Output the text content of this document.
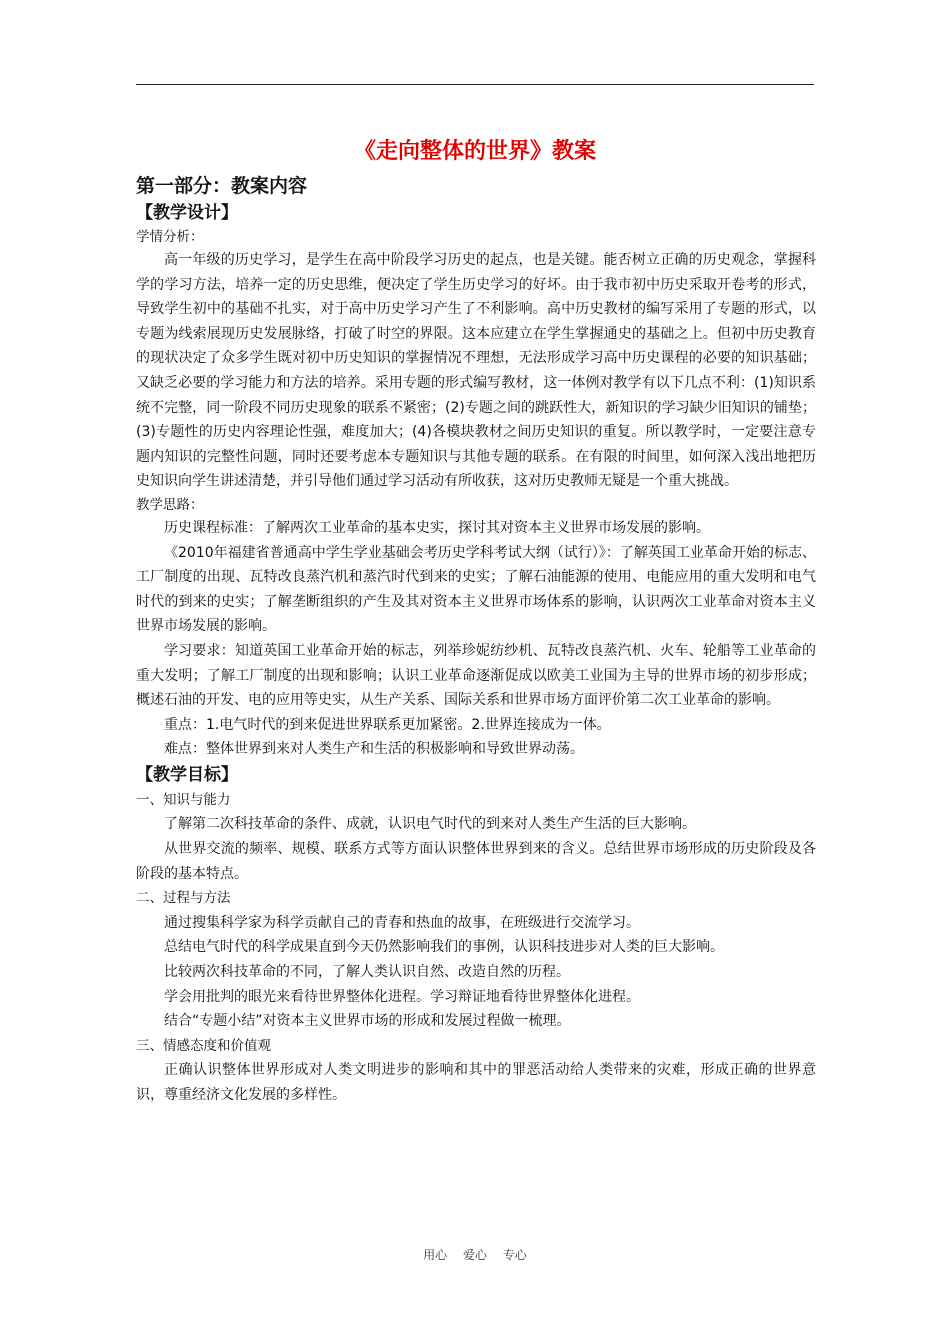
《走向整体的世界》教案

第一部分：教案内容

【教学设计】

学情分析：

高一年级的历史学习，是学生在高中阶段学习历史的起点，也是关键。能否树立正确的历史观念，掌握科学的学习方法，培养一定的历史思维，便决定了学生历史学习的好坏。由于我市初中历史采取开卷考的形式，导致学生初中的基础不扎实，对于高中历史学习产生了不利影响。高中历史教材的编写采用了专题的形式，以专题为线索展现历史发展脉络，打破了时空的界限。这本应建立在学生掌握通史的基础之上。但初中历史教育的现状决定了众多学生既对初中历史知识的掌握情况不理想，无法形成学习高中历史课程的必要的知识基础；又缺乏必要的学习能力和方法的培养。采用专题的形式编写教材，这一体例对教学有以下几点不利：(1)知识系统不完整，同一阶段不同历史现象的联系不紧密；(2)专题之间的跳跃性大，新知识的学习缺少旧知识的铺垫；(3)专题性的历史内容理论性强，难度加大；(4)各模块教材之间历史知识的重复。所以教学时，一定要注意专题内知识的完整性问题，同时还要考虑本专题知识与其他专题的联系。在有限的时间里，如何深入浅出地把历史知识向学生讲述清楚，并引导他们通过学习活动有所收获，这对历史教师无疑是一个重大挑战。

教学思路：

历史课程标准：了解两次工业革命的基本史实，探讨其对资本主义世界市场发展的影响。

《2010年福建省普通高中学生学业基础会考历史学科考试大纲（试行）》：了解英国工业革命开始的标志、工厂制度的出现、瓦特改良蒸汽机和蒸汽时代到来的史实；了解石油能源的使用、电能应用的重大发明和电气时代的到来的史实；了解垄断组织的产生及其对资本主义世界市场体系的影响，认识两次工业革命对资本主义世界市场发展的影响。

学习要求：知道英国工业革命开始的标志，列举珍妮纺纱机、瓦特改良蒸汽机、火车、轮船等工业革命的重大发明；了解工厂制度的出现和影响；认识工业革命逐渐促成以欧美工业国为主导的世界市场的初步形成；概述石油的开发、电的应用等史实，从生产关系、国际关系和世界市场方面评价第二次工业革命的影响。

重点：1.电气时代的到来促进世界联系更加紧密。2.世界连接成为一体。

难点：整体世界到来对人类生产和生活的积极影响和导致世界动荡。

【教学目标】

一、知识与能力

了解第二次科技革命的条件、成就，认识电气时代的到来对人类生产生活的巨大影响。

从世界交流的频率、规模、联系方式等方面认识整体世界到来的含义。总结世界市场形成的历史阶段及各阶段的基本特点。

二、过程与方法

通过搜集科学家为科学贡献自己的青春和热血的故事，在班级进行交流学习。

总结电气时代的科学成果直到今天仍然影响我们的事例，认识科技进步对人类的巨大影响。

比较两次科技革命的不同，了解人类认识自然、改造自然的历程。

学会用批判的眼光来看待世界整体化进程。学习辩证地看待世界整体化进程。

结合“专题小结”对资本主义世界市场的形成和发展过程做一梳理。

三、情感态度和价值观

正确认识整体世界形成对人类文明进步的影响和其中的罪恶活动给人类带来的灾难，形成正确的世界意识，尊重经济文化发展的多样性。

用心 爱心 专心
